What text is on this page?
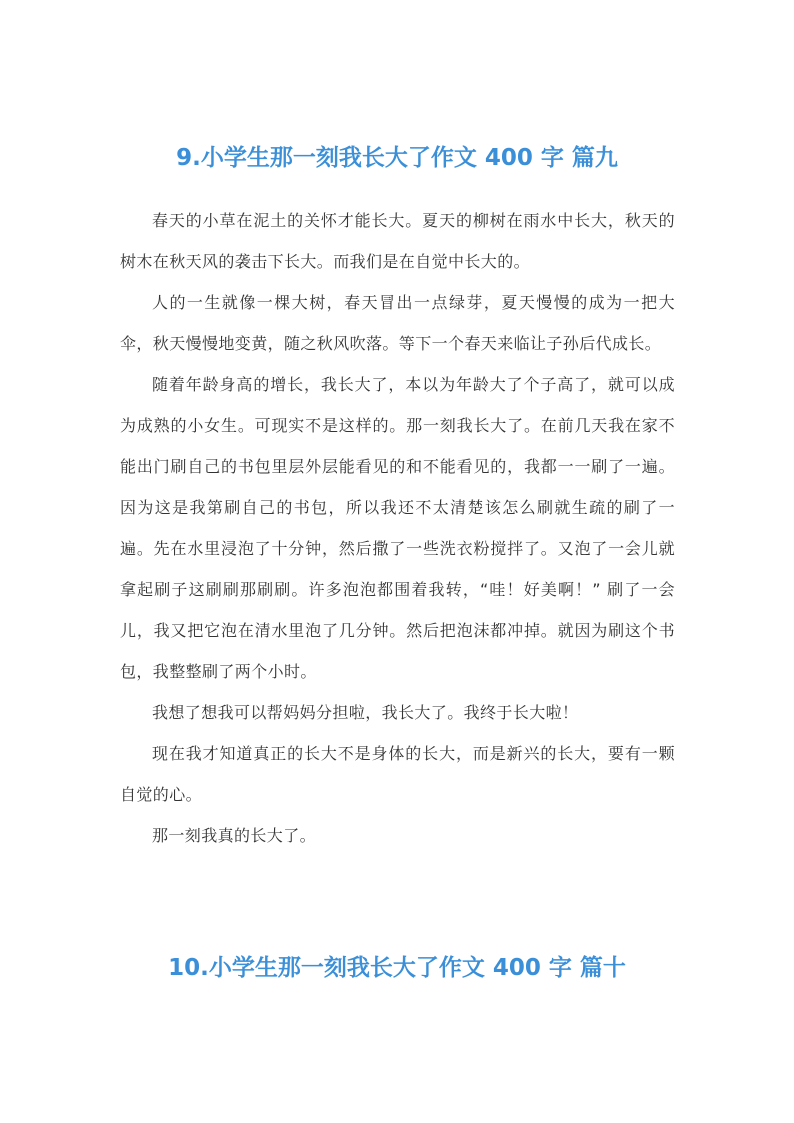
9.小学生那一刻我长大了作文 400 字 篇九

春天的小草在泥土的关怀才能长大。夏天的柳树在雨水中长大，秋天的树木在秋天风的袭击下长大。而我们是在自觉中长大的。

人的一生就像一棵大树，春天冒出一点绿芽，夏天慢慢的成为一把大伞，秋天慢慢地变黄，随之秋风吹落。等下一个春天来临让子孙后代成长。

随着年龄身高的增长，我长大了，本以为年龄大了个子高了，就可以成为成熟的小女生。可现实不是这样的。那一刻我长大了。在前几天我在家不能出门刷自己的书包里层外层能看见的和不能看见的，我都一一刷了一遍。因为这是我第刷自己的书包，所以我还不太清楚该怎么刷就生疏的刷了一遍。先在水里浸泡了十分钟，然后撒了一些洗衣粉搅拌了。又泡了一会儿就拿起刷子这刷刷那刷刷。许多泡泡都围着我转，“哇！好美啊！” 刷了一会儿，我又把它泡在清水里泡了几分钟。然后把泡沫都冲掉。就因为刷这个书包，我整整刷了两个小时。

我想了想我可以帮妈妈分担啦，我长大了。我终于长大啦！

现在我才知道真正的长大不是身体的长大，而是新兴的长大，要有一颗自觉的心。

那一刻我真的长大了。

10.小学生那一刻我长大了作文 400 字 篇十
